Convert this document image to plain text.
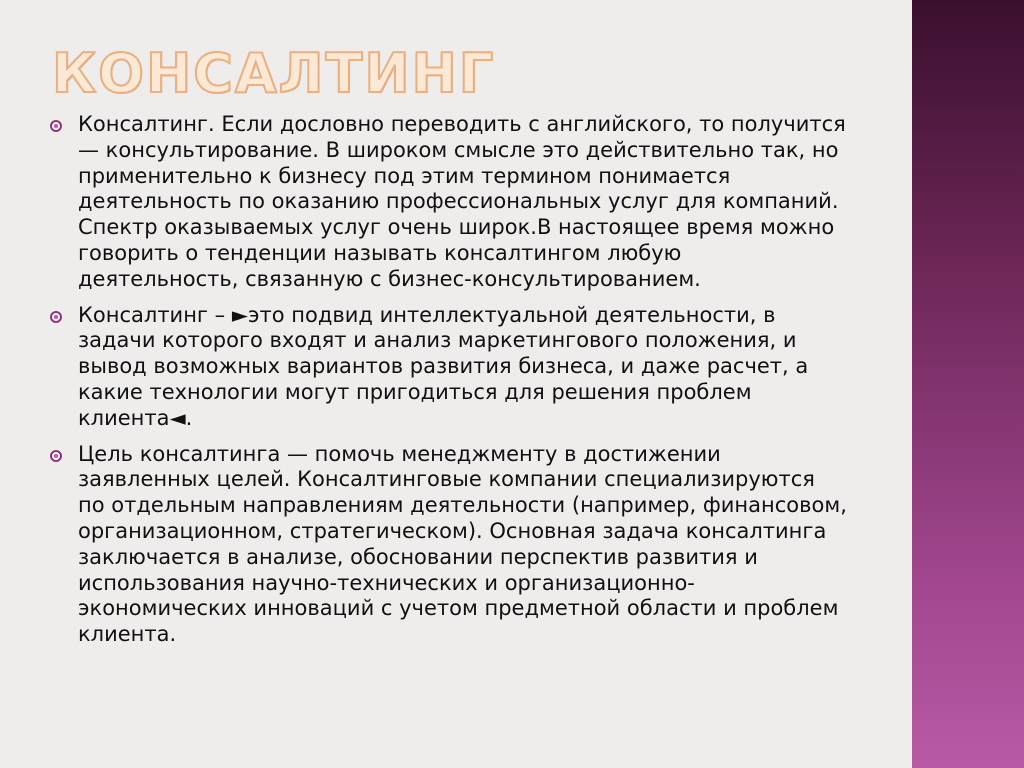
КОНСАЛТИНГ
Консалтинг. Если дословно переводить с английского, то получится — консультирование. В широком смысле это действительно так, но применительно к бизнесу под этим термином понимается деятельность по оказанию профессиональных услуг для компаний. Спектр оказываемых услуг очень широк.В настоящее время можно говорить о тенденции называть консалтингом любую деятельность, связанную с бизнес-консультированием.
Консалтинг – ►это подвид интеллектуальной деятельности, в задачи которого входят и анализ маркетингового положения, и вывод возможных вариантов развития бизнеса, и даже расчет, а какие технологии могут пригодиться для решения проблем клиента◄.
Цель консалтинга — помочь менеджменту в достижении заявленных целей. Консалтинговые компании специализируются по отдельным направлениям деятельности (например, финансовом, организационном, стратегическом). Основная задача консалтинга заключается в анализе, обосновании перспектив развития и использования научно-технических и организационно-экономических инноваций с учетом предметной области и проблем клиента.
